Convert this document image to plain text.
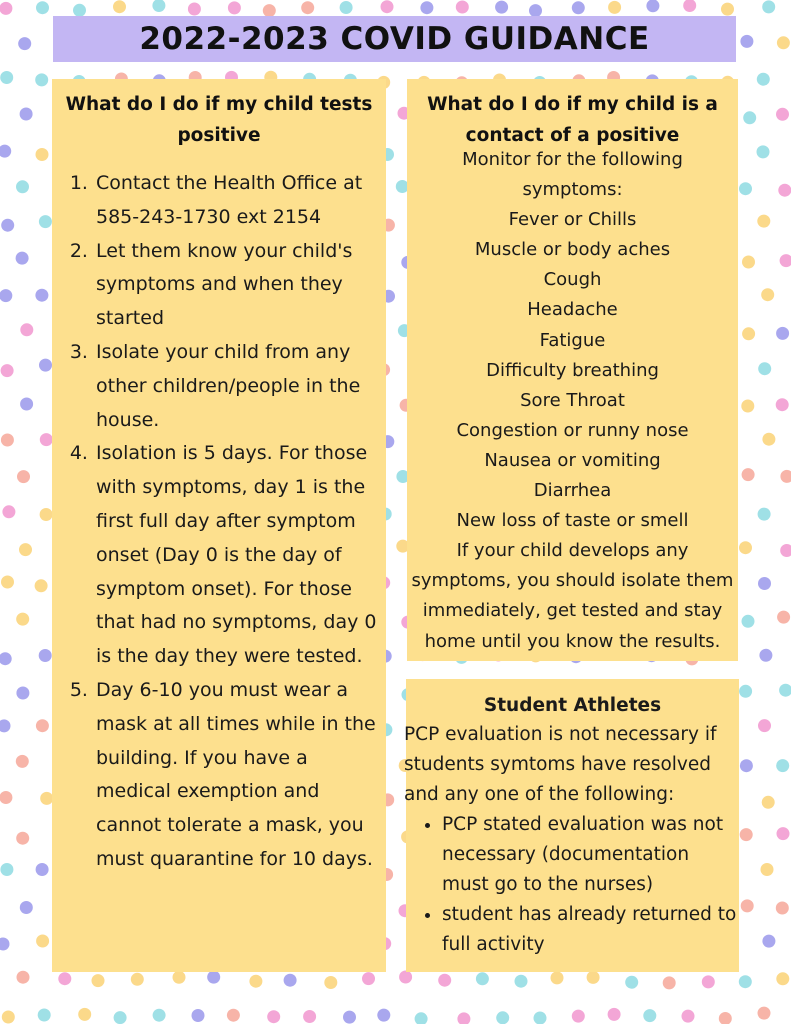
2022-2023 COVID GUIDANCE
What do I do if my child tests positive
1. Contact the Health Office at 585-243-1730 ext 2154
2. Let them know your child's symptoms and when they started
3. Isolate your child from any other children/people in the house.
4. Isolation is 5 days. For those with symptoms, day 1 is the first full day after symptom onset (Day 0 is the day of symptom onset). For those that had no symptoms, day 0 is the day they were tested.
5. Day 6-10 you must wear a mask at all times while in the building. If you have a medical exemption and cannot tolerate a mask, you must quarantine for 10 days.
What do I do if my child is a contact of a positive
Monitor for the following
symptoms:
Fever or Chills
Muscle or body aches
Cough
Headache
Fatigue
Difficulty breathing
Sore Throat
Congestion or runny nose
Nausea or vomiting
Diarrhea
New loss of taste or smell
If your child develops any
symptoms, you should isolate them
immediately, get tested and stay
home until you know the results.
Student Athletes
PCP evaluation is not necessary if
students symtoms have resolved
and any one of the following:
• PCP stated evaluation was not necessary (documentation must go to the nurses)
• student has already returned to full activity
